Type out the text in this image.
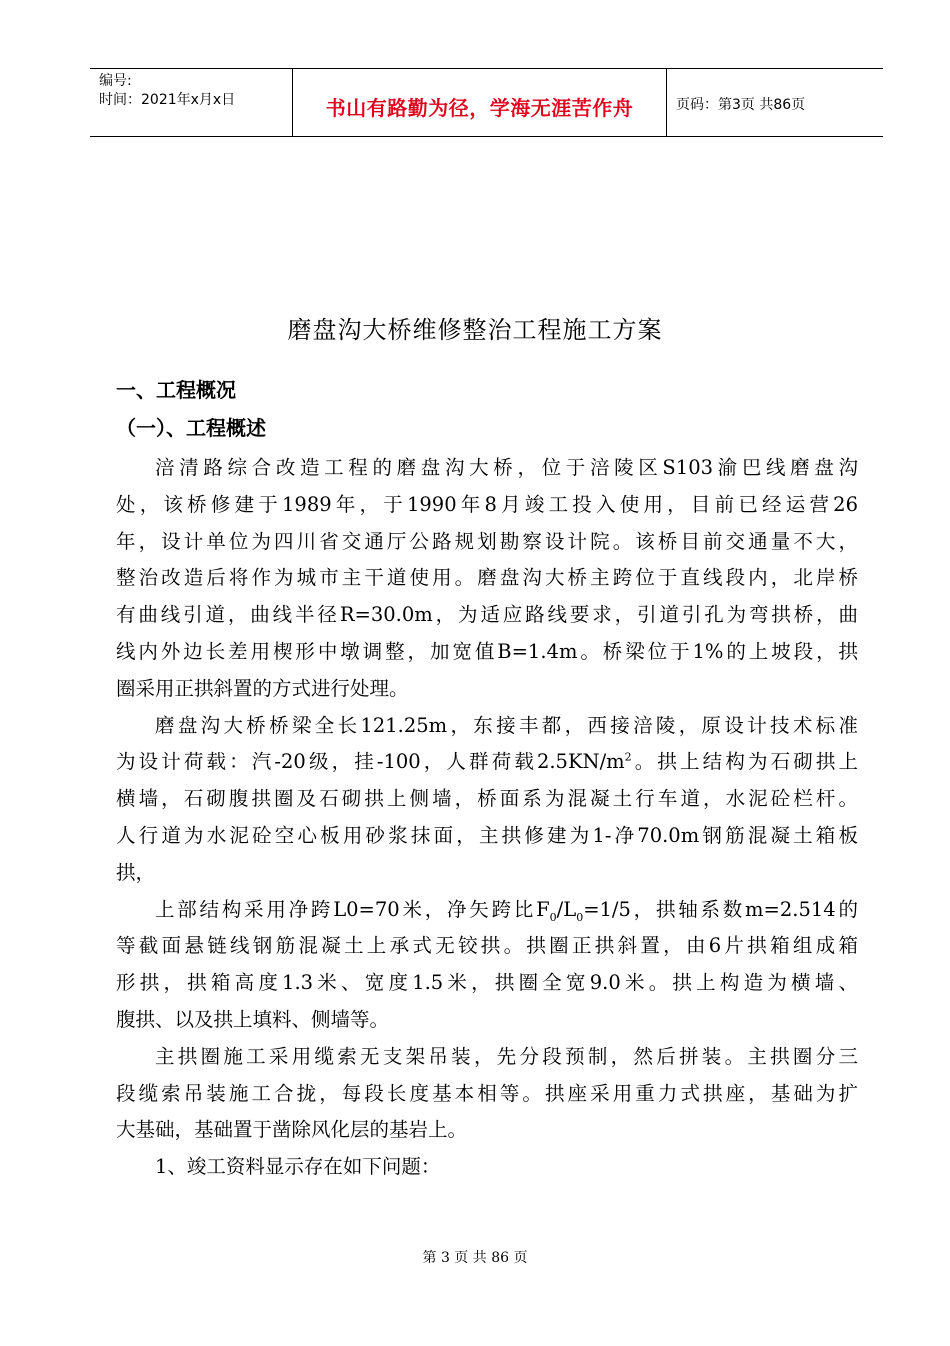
编号:
时间：2021年x月x日	书山有路勤为径，学海无涯苦作舟	页码：第3页 共86页
磨盘沟大桥维修整治工程施工方案
一、工程概况
（一）、工程概述
涪清路综合改造工程的磨盘沟大桥，位于涪陵区S103渝巴线磨盘沟
处，该桥修建于1989年，于1990年8月竣工投入使用，目前已经运营26
年，设计单位为四川省交通厅公路规划勘察设计院。该桥目前交通量不大，
整治改造后将作为城市主干道使用。磨盘沟大桥主跨位于直线段内，北岸桥
有曲线引道，曲线半径R=30.0m，为适应路线要求，引道引孔为弯拱桥，曲
线内外边长差用楔形中墩调整，加宽值B=1.4m。桥梁位于1%的上坡段，拱
圈采用正拱斜置的方式进行处理。
磨盘沟大桥桥梁全长121.25m，东接丰都，西接涪陵，原设计技术标准
为设计荷载：汽-20级，挂-100，人群荷载$2.5KN/m^2$。拱上结构为石砌拱上
横墙，石砌腹拱圈及石砌拱上侧墙，桥面系为混凝土行车道，水泥砼栏杆。
人行道为水泥砼空心板用砂浆抹面，主拱修建为1-净70.0m钢筋混凝土箱板
拱，
上部结构采用净跨L0=70米，净矢跨比$F_0/L_0=1/5$，拱轴系数m=2.514的
等截面悬链线钢筋混凝土上承式无铰拱。拱圈正拱斜置，由6片拱箱组成箱
形拱，拱箱高度1.3米、宽度1.5米，拱圈全宽9.0米。拱上构造为横墙、
腹拱、以及拱上填料、侧墙等。
主拱圈施工采用缆索无支架吊装，先分段预制，然后拼装。主拱圈分三
段缆索吊装施工合拢，每段长度基本相等。拱座采用重力式拱座，基础为扩
大基础，基础置于凿除风化层的基岩上。
1、竣工资料显示存在如下问题：
第 3 页 共 86 页
